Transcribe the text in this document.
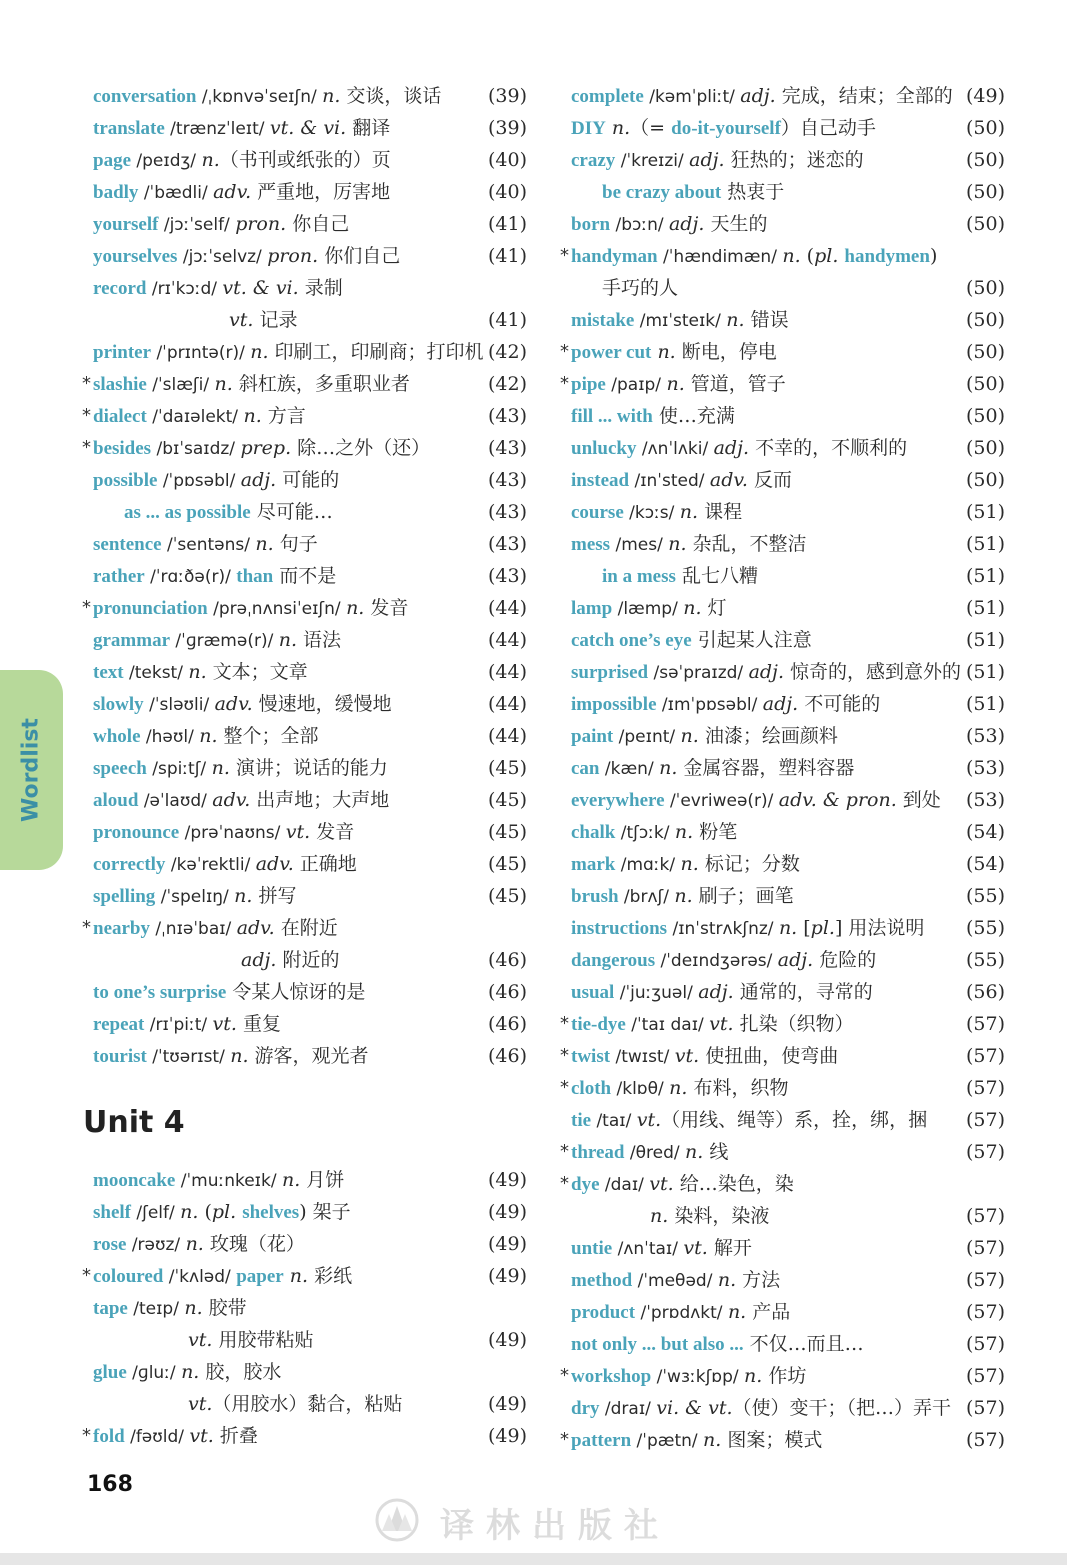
Wordlist
conversation /ˌkɒnvəˈseɪʃn/ n. 交谈，谈话 (39)
translate /trænzˈleɪt/ vt. & vi. 翻译	(39)
page /peɪdʒ/ n.（书刊或纸张的）页	(40)
badly /ˈbædli/ adv. 严重地，厉害地	(40)
yourself /jɔːˈself/ pron. 你自己	(41)
yourselves /jɔːˈselvz/ pron. 你们自己	(41)
record /rɪˈkɔːd/ vt. & vi. 录制
vt. 记录	(41)
printer /ˈprɪntə(r)/ n. 印刷工，印刷商；打印机 (42)
* slashie /ˈslæʃi/ n. 斜杠族，多重职业者	(42)
* dialect /ˈdaɪəlekt/ n. 方言	(43)
* besides /bɪˈsaɪdz/ prep. 除…之外（还）	(43)
possible /ˈpɒsəbl/ adj. 可能的	(43)
as ... as possible 尽可能…	(43)
sentence /ˈsentəns/ n. 句子	(43)
rather /ˈrɑːðə(r)/ than 而不是	(43)
* pronunciation /prəˌnʌnsiˈeɪʃn/ n. 发音	(44)
grammar /ˈɡræmə(r)/ n. 语法	(44)
text /tekst/ n. 文本；文章	(44)
slowly /ˈsləʊli/ adv. 慢速地，缓慢地	(44)
whole /həʊl/ n. 整个；全部	(44)
speech /spiːtʃ/ n. 演讲；说话的能力	(45)
aloud /əˈlaʊd/ adv. 出声地；大声地	(45)
pronounce /prəˈnaʊns/ vt. 发音	(45)
correctly /kəˈrektli/ adv. 正确地	(45)
spelling /ˈspelɪŋ/ n. 拼写	(45)
* nearby /ˌnɪəˈbaɪ/ adv. 在附近
adj. 附近的	(46)
to one’s surprise 令某人惊讶的是	(46)
repeat /rɪˈpiːt/ vt. 重复	(46)
tourist /ˈtʊərɪst/ n. 游客，观光者	(46)
Unit 4
mooncake /ˈmuːnkeɪk/ n. 月饼	(49)
shelf /ʃelf/ n. (pl. shelves) 架子	(49)
rose /rəʊz/ n. 玫瑰（花）	(49)
* coloured /ˈkʌləd/ paper n. 彩纸	(49)
tape /teɪp/ n. 胶带
vt. 用胶带粘贴	(49)
glue /ɡluː/ n. 胶，胶水
vt.（用胶水）黏合，粘贴	(49)
* fold /fəʊld/ vt. 折叠	(49)
complete /kəmˈpliːt/ adj. 完成，结束；全部的 (49)
DIY n.（= do-it-yourself）自己动手	(50)
crazy /ˈkreɪzi/ adj. 狂热的；迷恋的	(50)
be crazy about 热衷于	(50)
born /bɔːn/ adj. 天生的	(50)
* handyman /ˈhændimæn/ n. (pl. handymen)
手巧的人	(50)
mistake /mɪˈsteɪk/ n. 错误	(50)
* power cut n. 断电，停电	(50)
* pipe /paɪp/ n. 管道，管子	(50)
fill ... with 使…充满	(50)
unlucky /ʌnˈlʌki/ adj. 不幸的，不顺利的	(50)
instead /ɪnˈsted/ adv. 反而	(50)
course /kɔːs/ n. 课程	(51)
mess /mes/ n. 杂乱，不整洁	(51)
in a mess 乱七八糟	(51)
lamp /læmp/ n. 灯	(51)
catch one’s eye 引起某人注意	(51)
surprised /səˈpraɪzd/ adj. 惊奇的，感到意外的 (51)
impossible /ɪmˈpɒsəbl/ adj. 不可能的	(51)
paint /peɪnt/ n. 油漆；绘画颜料	(53)
can /kæn/ n. 金属容器，塑料容器	(53)
everywhere /ˈevriweə(r)/ adv. & pron. 到处 (53)
chalk /tʃɔːk/ n. 粉笔	(54)
mark /mɑːk/ n. 标记；分数	(54)
brush /brʌʃ/ n. 刷子；画笔	(55)
instructions /ɪnˈstrʌkʃnz/ n. [pl.] 用法说明 (55)
dangerous /ˈdeɪndʒərəs/ adj. 危险的	(55)
usual /ˈjuːʒuəl/ adj. 通常的，寻常的	(56)
* tie-dye /ˈtaɪ daɪ/ vt. 扎染（织物）	(57)
* twist /twɪst/ vt. 使扭曲，使弯曲	(57)
* cloth /klɒθ/ n. 布料，织物	(57)
tie /taɪ/ vt.（用线、绳等）系，拴，绑，捆 (57)
* thread /θred/ n. 线	(57)
* dye /daɪ/ vt. 给…染色，染
n. 染料，染液	(57)
untie /ʌnˈtaɪ/ vt. 解开	(57)
method /ˈmeθəd/ n. 方法	(57)
product /ˈprɒdʌkt/ n. 产品	(57)
not only ... but also ... 不仅…而且…	(57)
* workshop /ˈwɜːkʃɒp/ n. 作坊	(57)
dry /draɪ/ vi. & vt.（使）变干；（把…）弄干 (57)
* pattern /ˈpætn/ n. 图案；模式	(57)
168
译林出版社
